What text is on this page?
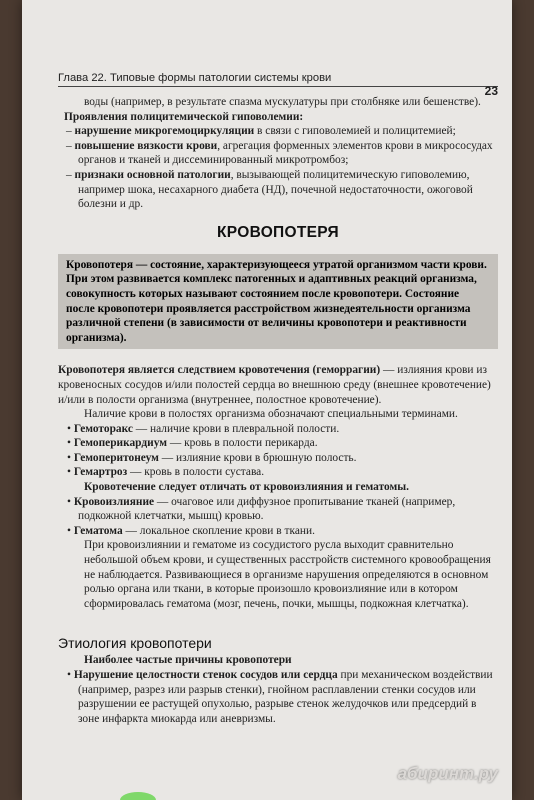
Глава 22. Типовые формы патологии системы крови
23

воды (например, в результате спазма мускулатуры при столбняке или бешенстве).

Проявления полицитемической гиповолемии:

– нарушение микрогемоциркуляции в связи с гиповолемией и полицитемией;
– повышение вязкости крови, агрегация форменных элементов крови в микрососудах органов и тканей и диссеминированный микротромбоз;
– признаки основной патологии, вызывающей полицитемическую гиповолемию, например шока, несахарного диабета (НД), почечной недостаточности, ожоговой болезни и др.
КРОВОПОТЕРЯ
Кровопотеря — состояние, характеризующееся утратой организмом части крови. При этом развивается комплекс патогенных и адаптивных реакций организма, совокупность которых называют состоянием после кровопотери. Состояние после кровопотери проявляется расстройством жизнедеятельности организма различной степени (в зависимости от величины кровопотери и реактивности организма).

Кровопотеря является следствием кровотечения (геморрагии) — излияния крови из кровеносных сосудов и/или полостей сердца во внешнюю среду (внешнее кровотечение) и/или в полости организма (внутреннее, полостное кровотечение).

Наличие крови в полостях организма обозначают специальными терминами.

• Гемоторакс — наличие крови в плевральной полости.
• Гемоперикардиум — кровь в полости перикарда.
• Гемоперитонеум — излияние крови в брюшную полость.
• Гемартроз — кровь в полости сустава.

Кровотечение следует отличать от кровоизлияния и гематомы.

• Кровоизлияние — очаговое или диффузное пропитывание тканей (например, подкожной клетчатки, мышц) кровью.
• Гематома — локальное скопление крови в ткани.

При кровоизлиянии и гематоме из сосудистого русла выходит сравнительно небольшой объем крови, и существенных расстройств системного кровообращения не наблюдается. Развивающиеся в организме нарушения определяются в основном ролью органа или ткани, в которые произошло кровоизлияние или в котором сформировалась гематома (мозг, печень, почки, мышцы, подкожная клетчатка).

Этиология кровопотери

Наиболее частые причины кровопотери

• Нарушение целостности стенок сосудов или сердца при механическом воздействии (например, разрез или разрыв стенки), гнойном расплавлении стенки сосудов или разрушении ее растущей опухолью, разрыве стенок желудочков или предсердий в зоне инфаркта миокарда или аневризмы.
абиринт.ру
